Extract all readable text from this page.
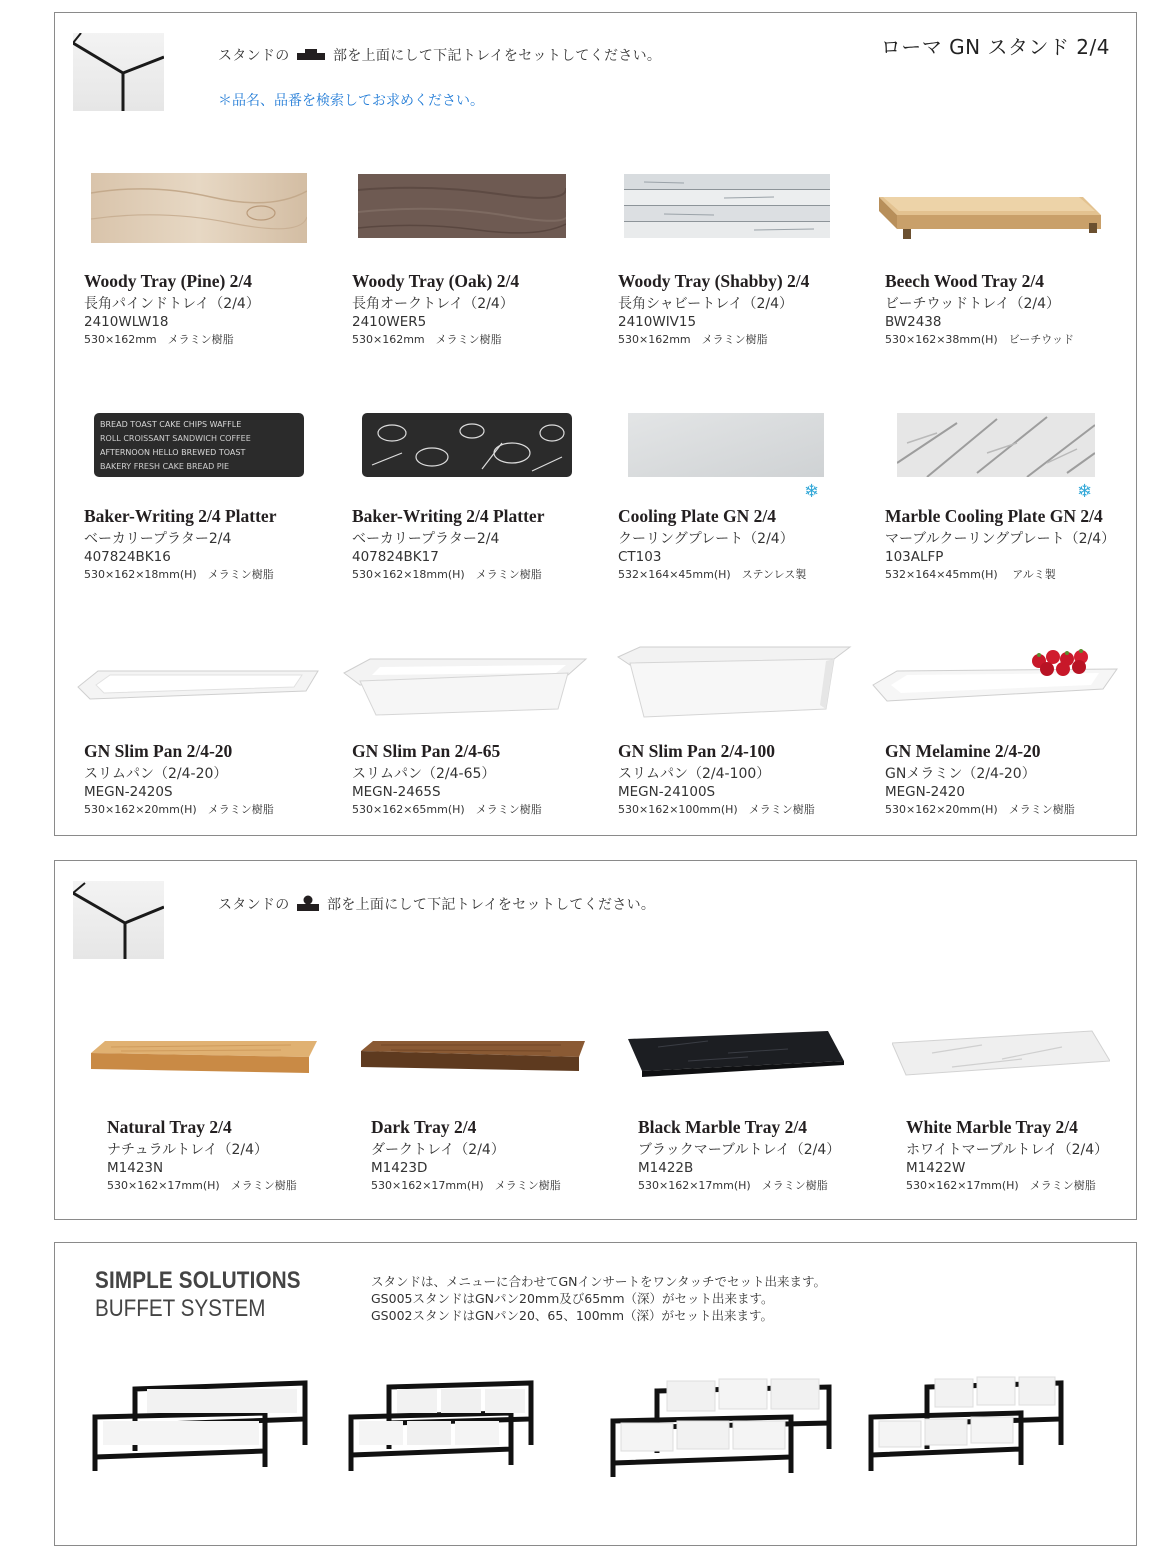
スタンドの	部を上面にして下記トレイをセットしてください。
＊品名、品番を検索してお求めください。
ローマ GN スタンド 2/4
Woody Tray (Pine) 2/4
長角パインドトレイ（2/4）
2410WLW18
530×162mm　メラミン樹脂
Woody Tray (Oak) 2/4
長角オークトレイ（2/4）
2410WER5
530×162mm　メラミン樹脂
Woody Tray (Shabby) 2/4
長角シャビートレイ（2/4）
2410WIV15
530×162mm　メラミン樹脂
Beech Wood Tray 2/4
ビーチウッドトレイ（2/4）
BW2438
530×162×38mm(H)　ビーチウッド
BREAD TOAST CAKE CHIPS WAFFLE
ROLL CROISSANT SANDWICH COFFEE
AFTERNOON HELLO BREWED TOAST
BAKERY FRESH CAKE BREAD PIE
Baker-Writing 2/4 Platter
ベーカリープラター2/4
407824BK16
530×162×18mm(H)　メラミン樹脂
Baker-Writing 2/4 Platter
ベーカリープラター2/4
407824BK17
530×162×18mm(H)　メラミン樹脂
❄
Cooling Plate GN 2/4
クーリングプレート（2/4）
CT103
532×164×45mm(H)　ステンレス製
❄
Marble Cooling Plate GN 2/4
マーブルクーリングプレート（2/4）
103ALFP
532×164×45mm(H)　 アルミ製
GN Slim Pan 2/4-20
スリムパン（2/4-20）
MEGN-2420S
530×162×20mm(H)　メラミン樹脂
GN Slim Pan 2/4-65
スリムパン（2/4-65）
MEGN-2465S
530×162×65mm(H)　メラミン樹脂
GN Slim Pan 2/4-100
スリムパン（2/4-100）
MEGN-24100S
530×162×100mm(H)　メラミン樹脂
GN Melamine 2/4-20
GNメラミン（2/4-20）
MEGN-2420
530×162×20mm(H)　メラミン樹脂
スタンドの	部を上面にして下記トレイをセットしてください。
Natural Tray 2/4
ナチュラルトレイ（2/4）
M1423N
530×162×17mm(H)　メラミン樹脂
Dark Tray 2/4
ダークトレイ（2/4）
M1423D
530×162×17mm(H)　メラミン樹脂
Black Marble Tray 2/4
ブラックマーブルトレイ（2/4）
M1422B
530×162×17mm(H)　メラミン樹脂
White Marble Tray 2/4
ホワイトマーブルトレイ（2/4）
M1422W
530×162×17mm(H)　メラミン樹脂
SIMPLE SOLUTIONS
BUFFET SYSTEM
スタンドは、メニューに合わせてGNインサートをワンタッチでセット出来ます。
GS005スタンドはGNパン20mm及び65mm（深）がセット出来ます。
GS002スタンドはGNパン20、65、100mm（深）がセット出来ます。
